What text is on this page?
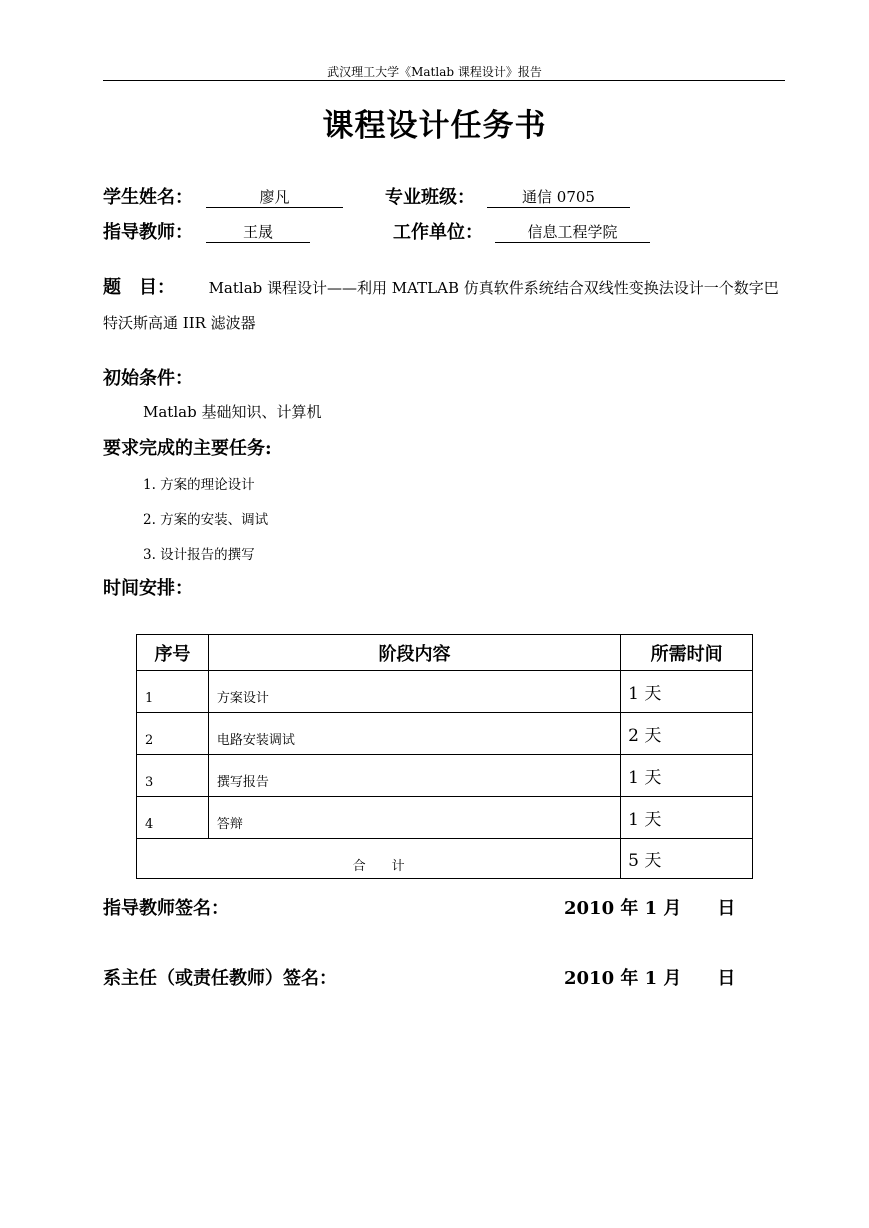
武汉理工大学《Matlab 课程设计》报告
课程设计任务书
学生姓名：	廖凡	专业班级：	通信 0705
指导教师：	王晟	工作单位：	信息工程学院
题　目： Matlab 课程设计——利用 MATLAB 仿真软件系统结合双线性变换法设计一个数字巴特沃斯高通 IIR 滤波器
初始条件：
Matlab 基础知识、计算机
要求完成的主要任务:
1. 方案的理论设计
2. 方案的安装、调试
3. 设计报告的撰写
时间安排：
序号	阶段内容	所需时间
1	方案设计	1 天
2	电路安装调试	2 天
3	撰写报告	1 天
4	答辩	1 天
合　　计		5 天
指导教师签名：	2010 年 1 月　　日
系主任（或责任教师）签名：	2010 年 1 月　　日
